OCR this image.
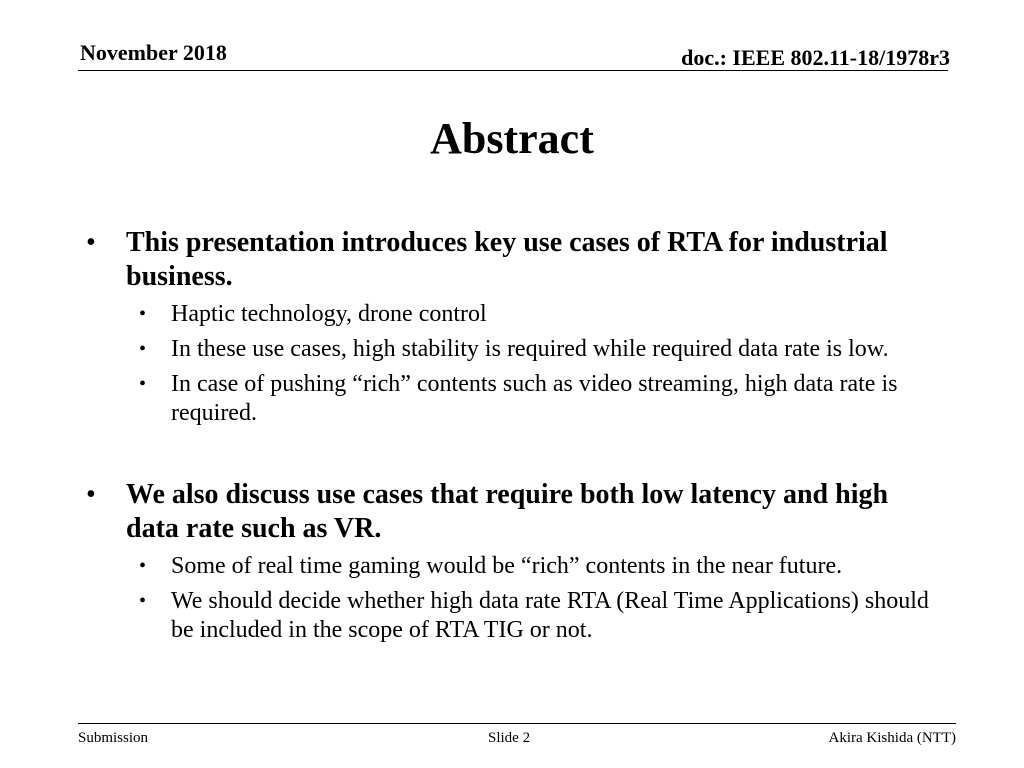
November 2018	doc.: IEEE 802.11-18/1978r3
Abstract
• This presentation introduces key use cases of RTA for industrial business.
• Haptic technology, drone control
• In these use cases, high stability is required while required data rate is low.
• In case of pushing “rich” contents such as video streaming, high data rate is required.
• We also discuss use cases that require both low latency and high data rate such as VR.
• Some of real time gaming would be “rich” contents in the near future.
• We should decide whether high data rate RTA (Real Time Applications) should be included in the scope of RTA TIG or not.
Submission	Slide 2	Akira Kishida (NTT)
